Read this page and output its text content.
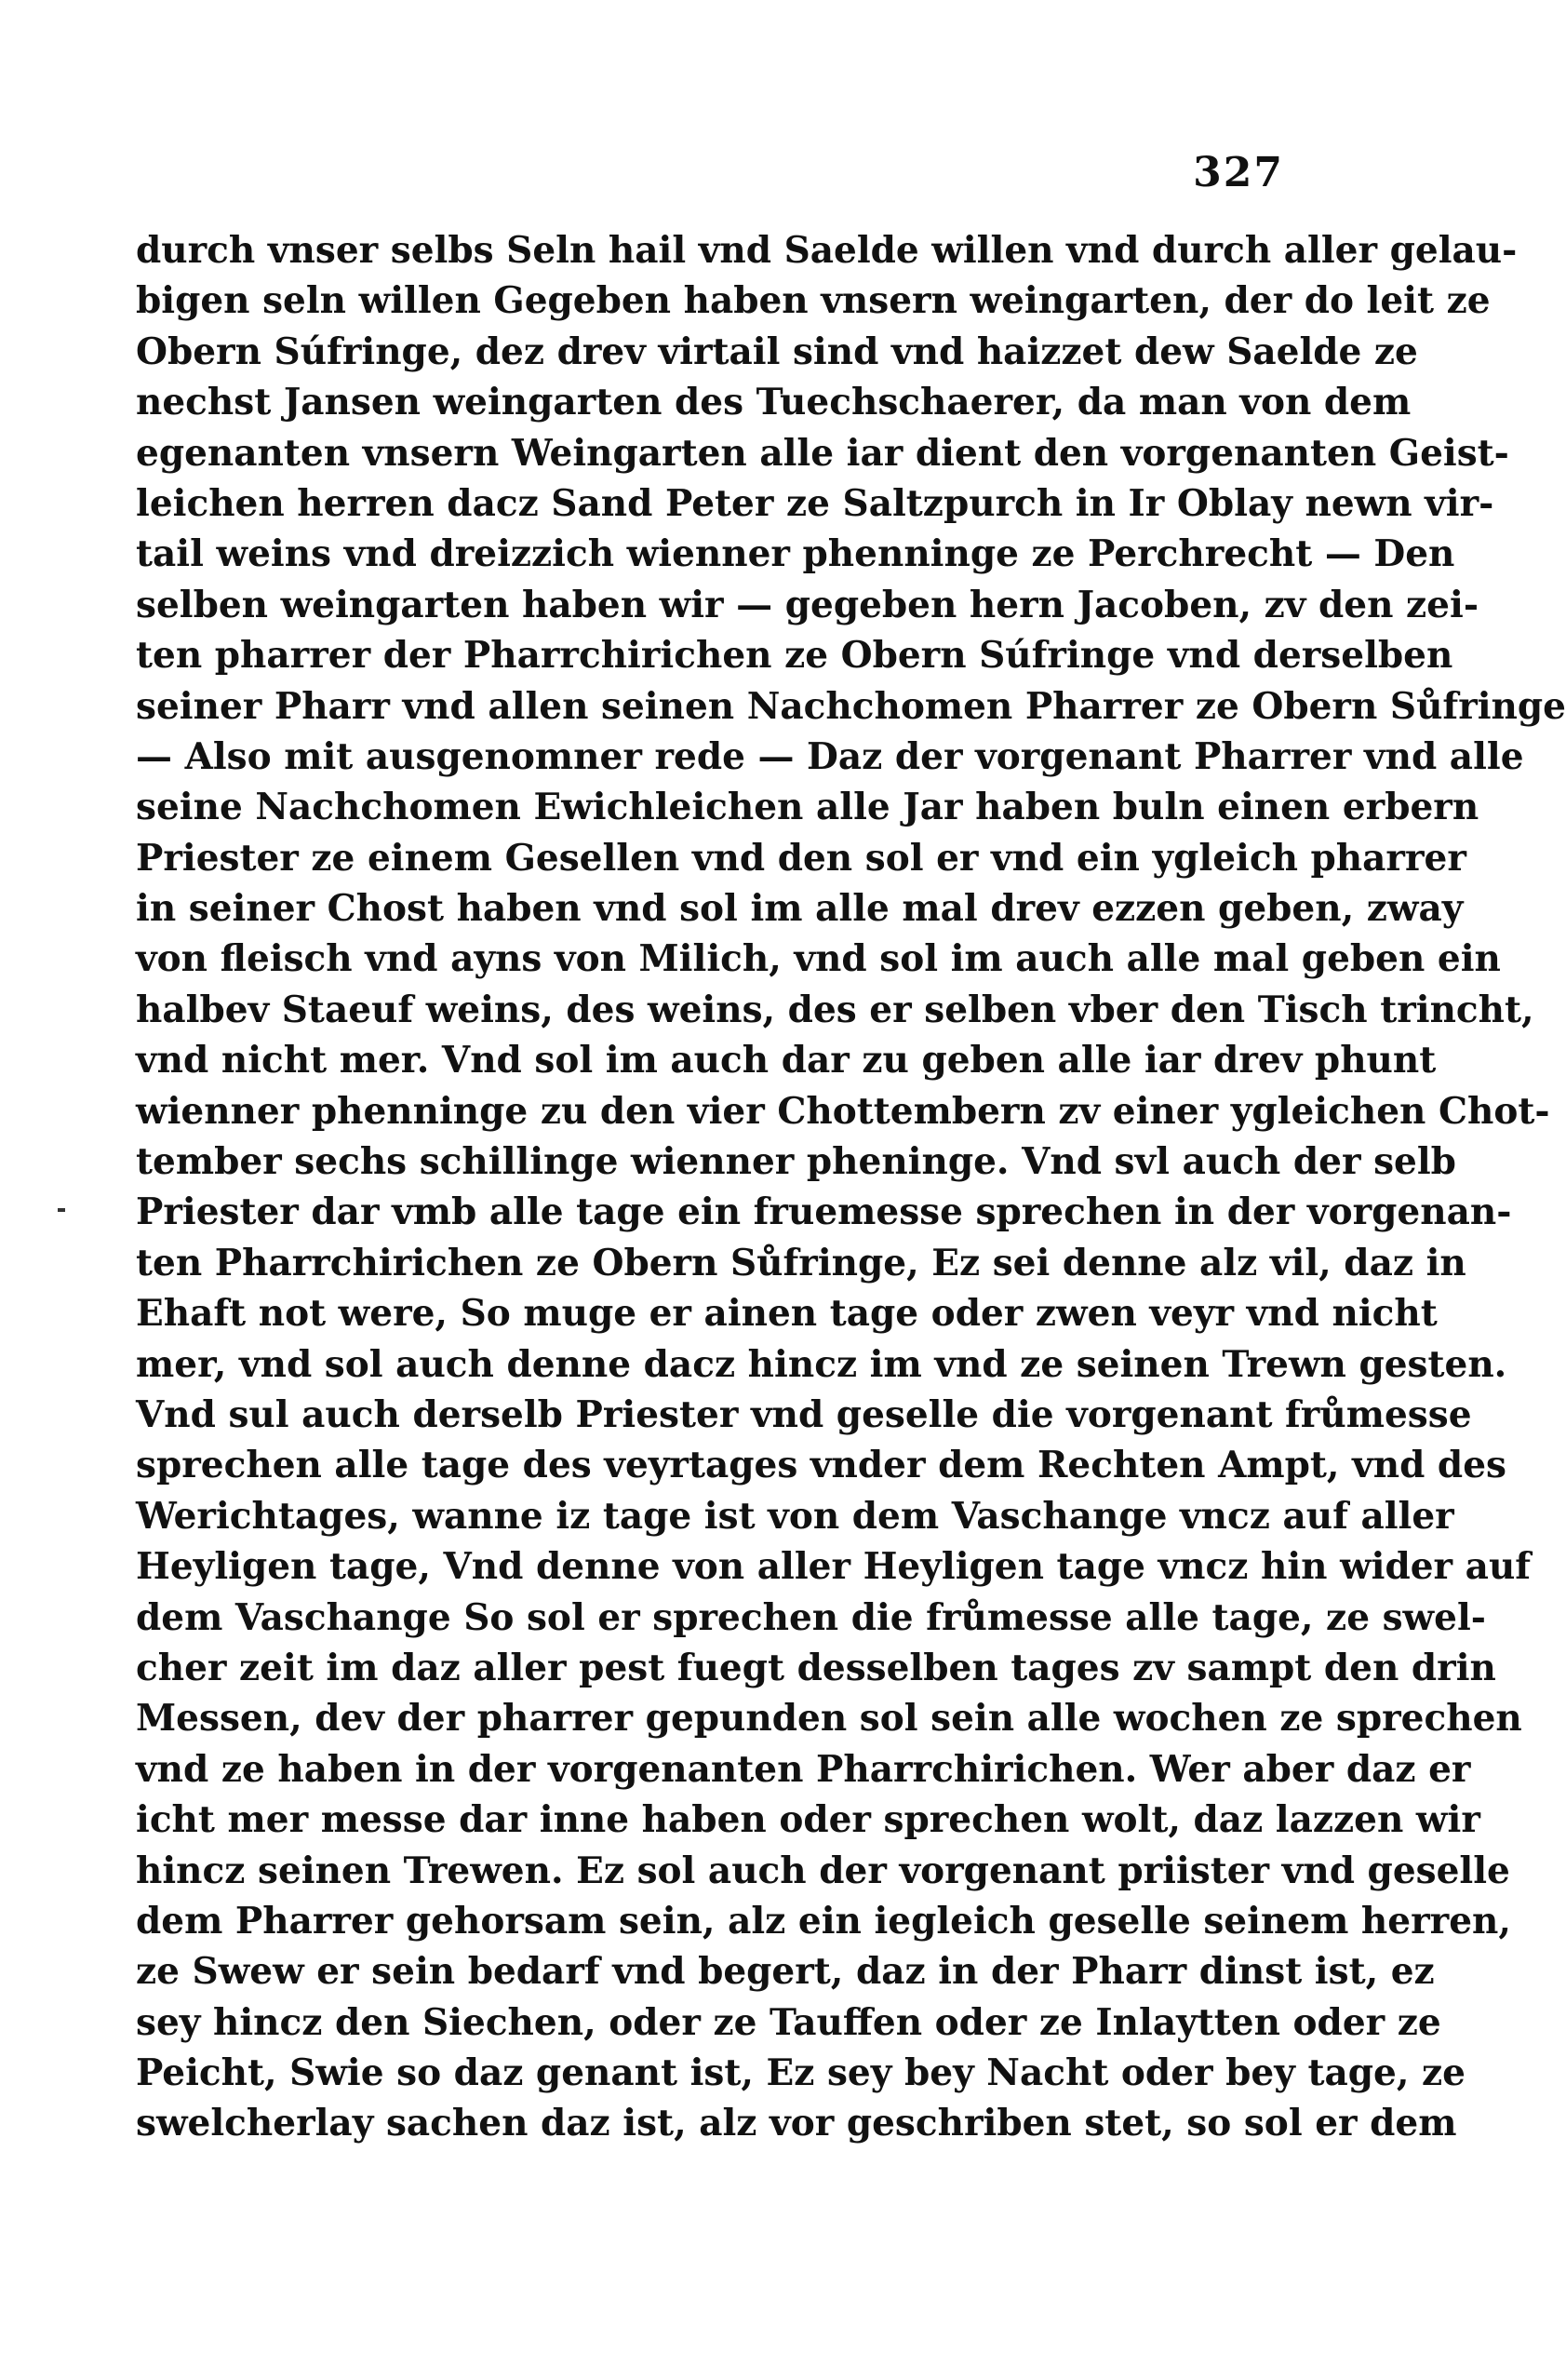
327
durch vnser selbs Seln hail vnd Saelde willen vnd durch aller gelau-
bigen seln willen Gegeben haben vnsern weingarten, der do leit ze
Obern Súfringe, dez drev virtail sind vnd haizzet dew Saelde ze
nechst Jansen weingarten des Tuechschaerer, da man von dem
egenanten vnsern Weingarten alle iar dient den vorgenanten Geist-
leichen herren dacz Sand Peter ze Saltzpurch in Ir Oblay newn vir-
tail weins vnd dreizzich wienner phenninge ze Perchrecht — Den
selben weingarten haben wir — gegeben hern Jacoben, zv den zei-
ten pharrer der Pharrchirichen ze Obern Súfringe vnd derselben
seiner Pharr vnd allen seinen Nachchomen Pharrer ze Obern Sůfringe
— Also mit ausgenomner rede — Daz der vorgenant Pharrer vnd alle
seine Nachchomen Ewichleichen alle Jar haben buln einen erbern
Priester ze einem Gesellen vnd den sol er vnd ein ygleich pharrer
in seiner Chost haben vnd sol im alle mal drev ezzen geben, zway
von fleisch vnd ayns von Milich, vnd sol im auch alle mal geben ein
halbev Staeuf weins, des weins, des er selben vber den Tisch trincht,
vnd nicht mer. Vnd sol im auch dar zu geben alle iar drev phunt
wienner phenninge zu den vier Chottembern zv einer ygleichen Chot-
tember sechs schillinge wienner pheninge. Vnd svl auch der selb
Priester dar vmb alle tage ein fruemesse sprechen in der vorgenan-
ten Pharrchirichen ze Obern Sůfringe, Ez sei denne alz vil, daz in
Ehaft not were, So muge er ainen tage oder zwen veyr vnd nicht
mer, vnd sol auch denne dacz hincz im vnd ze seinen Trewn gesten.
Vnd sul auch derselb Priester vnd geselle die vorgenant frůmesse
sprechen alle tage des veyrtages vnder dem Rechten Ampt, vnd des
Werichtages, wanne iz tage ist von dem Vaschange vncz auf aller
Heyligen tage, Vnd denne von aller Heyligen tage vncz hin wider auf
dem Vaschange So sol er sprechen die frůmesse alle tage, ze swel-
cher zeit im daz aller pest fuegt desselben tages zv sampt den drin
Messen, dev der pharrer gepunden sol sein alle wochen ze sprechen
vnd ze haben in der vorgenanten Pharrchirichen. Wer aber daz er
icht mer messe dar inne haben oder sprechen wolt, daz lazzen wir
hincz seinen Trewen. Ez sol auch der vorgenant priister vnd geselle
dem Pharrer gehorsam sein, alz ein iegleich geselle seinem herren,
ze Swew er sein bedarf vnd begert, daz in der Pharr dinst ist, ez
sey hincz den Siechen, oder ze Tauffen oder ze Inlaytten oder ze
Peicht, Swie so daz genant ist, Ez sey bey Nacht oder bey tage, ze
swelcherlay sachen daz ist, alz vor geschriben stet, so sol er dem
